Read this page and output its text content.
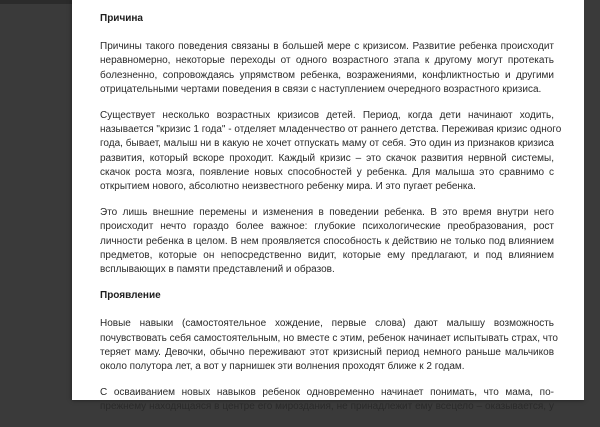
Причина
Причины такого поведения связаны в большей мере с кризисом. Развитие ребенка происходит
неравномерно, некоторые переходы от одного возрастного этапа к другому могут протекать
болезненно, сопровождаясь упрямством ребенка, возражениями, конфликтностью и другими
отрицательными чертами поведения в связи с наступлением очередного возрастного кризиса.
Существует несколько возрастных кризисов детей. Период, когда дети начинают ходить,
называется "кризис 1 года" - отделяет младенчество от раннего детства. Переживая кризис одного
года, бывает, малыш ни в какую не хочет отпускать маму от себя. Это один из признаков кризиса
развития, который вскоре проходит. Каждый кризис – это скачок развития нервной системы,
скачок роста мозга, появление новых способностей у ребенка. Для малыша это сравнимо с
открытием нового, абсолютно неизвестного ребенку мира. И это пугает ребенка.
Это лишь внешние перемены и изменения в поведении ребенка. В это время внутри него
происходит нечто гораздо более важное: глубокие психологические преобразования, рост
личности ребенка в целом. В нем проявляется способность к действию не только под влиянием
предметов, которые он непосредственно видит, которые ему предлагают, и под влиянием
всплывающих в памяти представлений и образов.
Проявление
Новые навыки (самостоятельное хождение, первые слова) дают малышу возможность
почувствовать себя самостоятельным, но вместе с этим, ребенок начинает испытывать страх, что
теряет маму. Девочки, обычно переживают этот кризисный период немного раньше мальчиков
около полутора лет, а вот у парнишек эти волнения проходят ближе к 2 годам.
С осваиванием новых навыков ребенок одновременно начинает понимать, что мама, по-
прежнему находящаяся в центре его мироздания, не принадлежит ему всецело – оказывается, у
